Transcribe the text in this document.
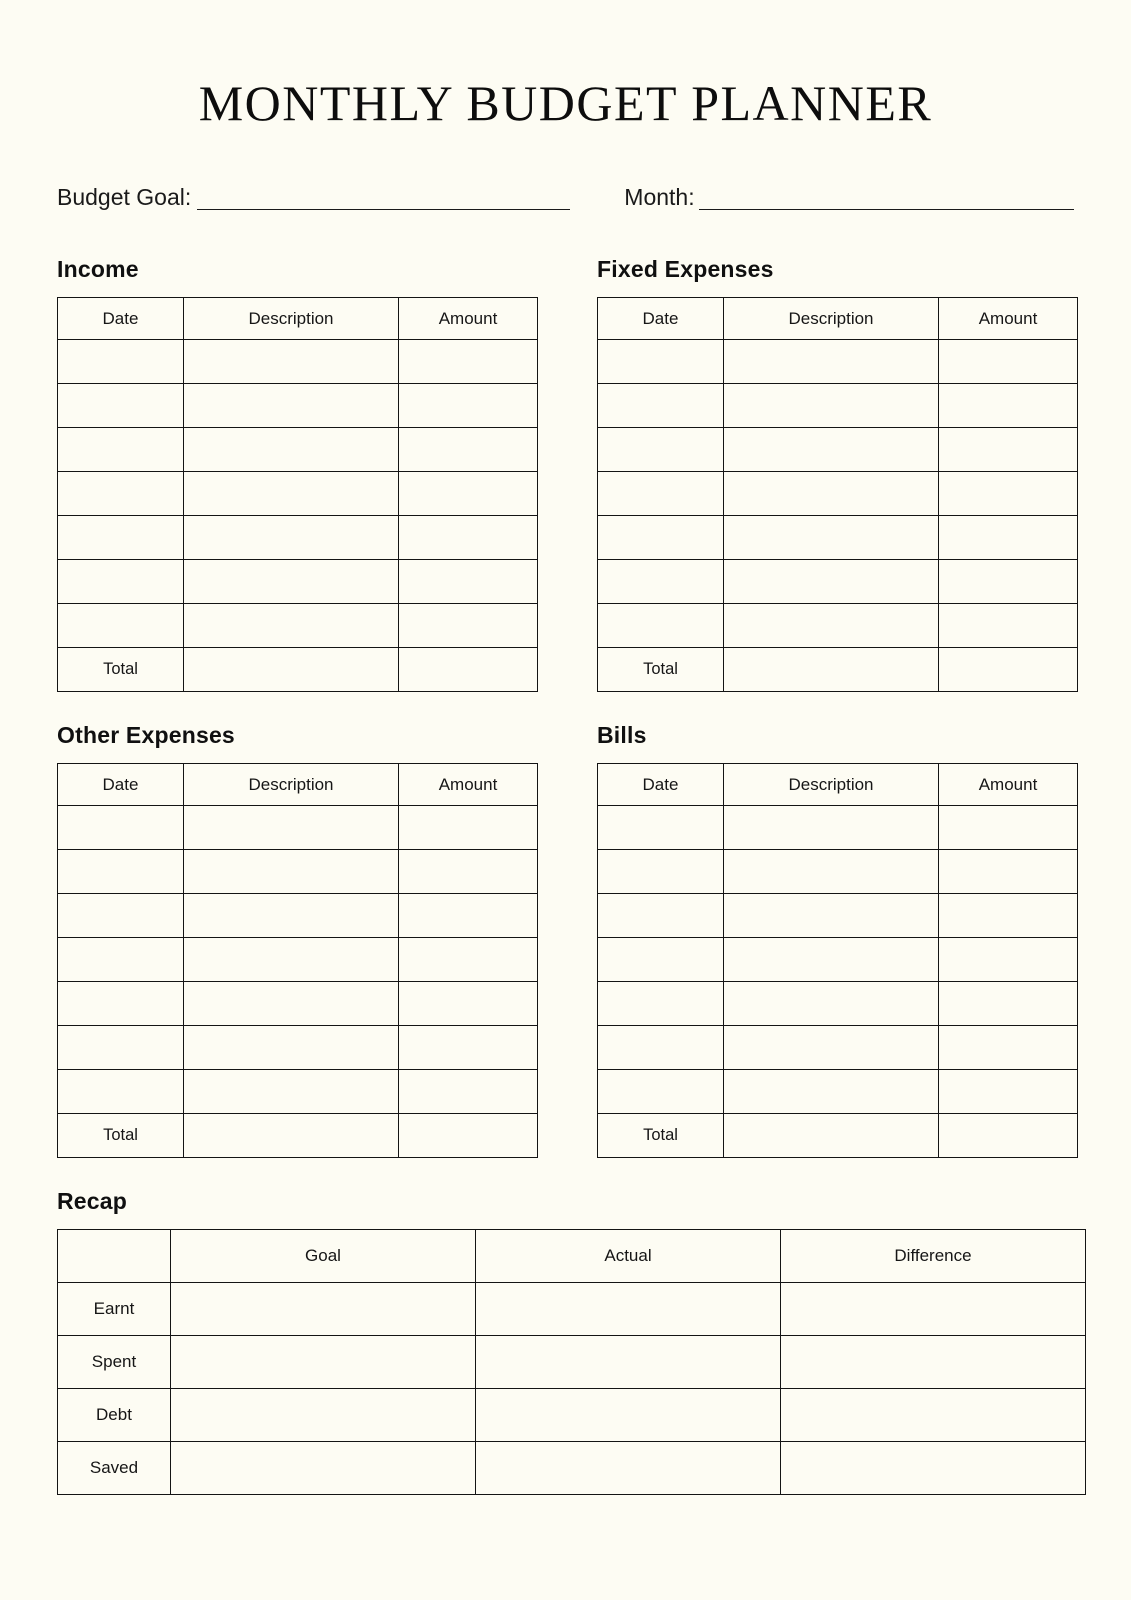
MONTHLY BUDGET PLANNER
Budget Goal:	Month:
Income
Date	Description	Amount

Total		
Other Expenses
Date	Description	Amount

Total		
Fixed Expenses
Date	Description	Amount

Total		
Bills
Date	Description	Amount

Total		
Recap
	Goal	Actual	Difference
Earnt			
Spent			
Debt			
Saved			
